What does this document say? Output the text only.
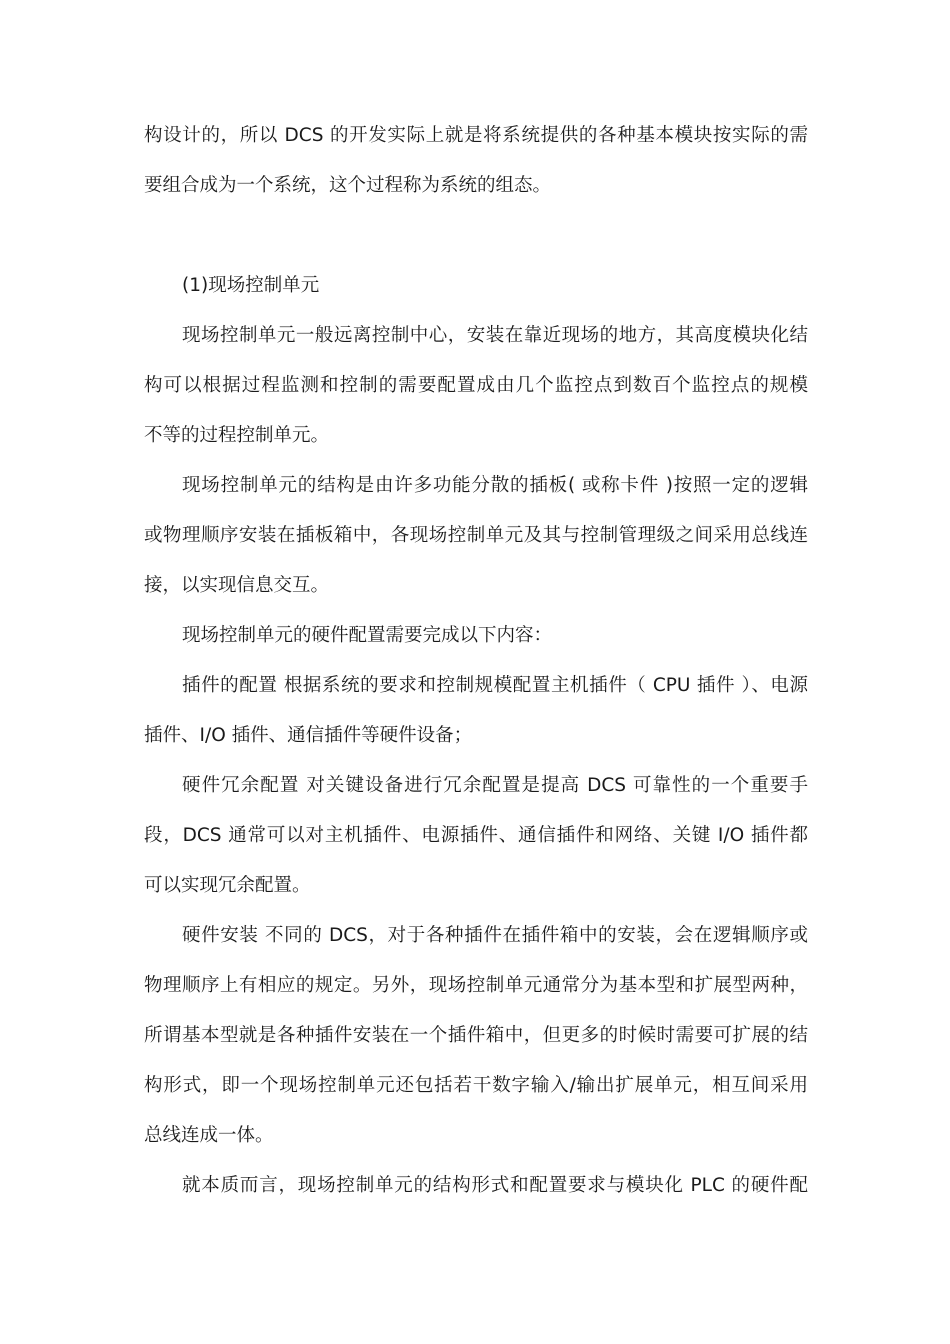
构设计的，所以 DCS 的开发实际上就是将系统提供的各种基本模块按实际的需
要组合成为一个系统，这个过程称为系统的组态。
(1)现场控制单元
现场控制单元一般远离控制中心，安装在靠近现场的地方，其高度模块化结
构可以根据过程监测和控制的需要配置成由几个监控点到数百个监控点的规模
不等的过程控制单元。
现场控制单元的结构是由许多功能分散的插板( 或称卡件 )按照一定的逻辑
或物理顺序安装在插板箱中，各现场控制单元及其与控制管理级之间采用总线连
接，以实现信息交互。
现场控制单元的硬件配置需要完成以下内容：
插件的配置 根据系统的要求和控制规模配置主机插件（ CPU 插件 ）、电源
插件、I/O 插件、通信插件等硬件设备；
硬件冗余配置 对关键设备进行冗余配置是提高 DCS 可靠性的一个重要手
段，DCS 通常可以对主机插件、电源插件、通信插件和网络、关键 I/O 插件都
可以实现冗余配置。
硬件安装 不同的 DCS，对于各种插件在插件箱中的安装，会在逻辑顺序或
物理顺序上有相应的规定。另外，现场控制单元通常分为基本型和扩展型两种，
所谓基本型就是各种插件安装在一个插件箱中，但更多的时候时需要可扩展的结
构形式，即一个现场控制单元还包括若干数字输入/输出扩展单元，相互间采用
总线连成一体。
就本质而言，现场控制单元的结构形式和配置要求与模块化 PLC 的硬件配
